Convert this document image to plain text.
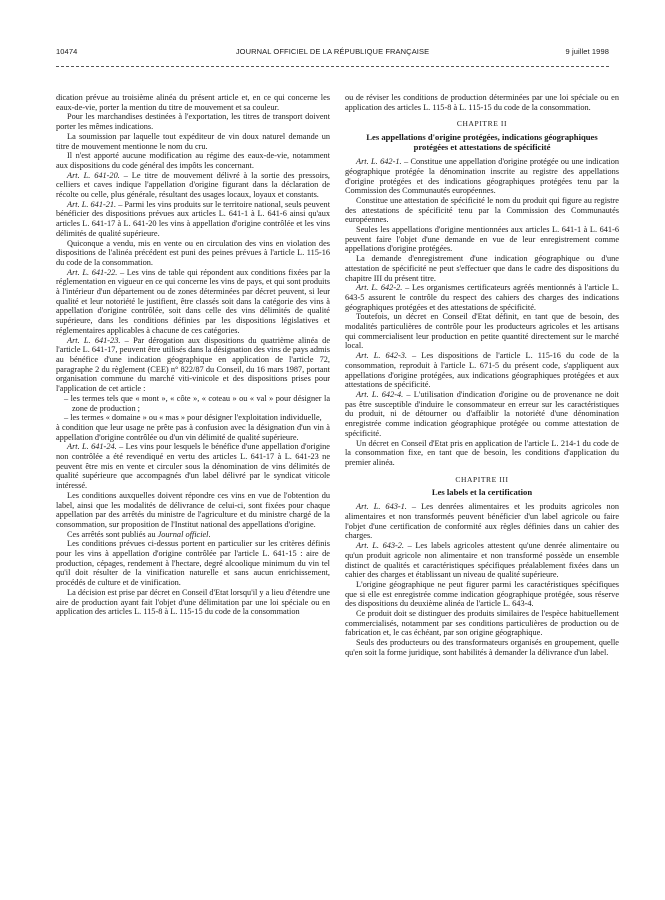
10474	JOURNAL OFFICIEL DE LA RÉPUBLIQUE FRANÇAISE	9 juillet 1998

dication prévue au troisième alinéa du présent article et, en ce qui concerne les eaux-de-vie, porter la mention du titre de mouvement et sa couleur.

Pour les marchandises destinées à l'exportation, les titres de transport doivent porter les mêmes indications.

La soumission par laquelle tout expéditeur de vin doux naturel demande un titre de mouvement mentionne le nom du cru.

Il n'est apporté aucune modification au régime des eaux-de-vie, notamment aux dispositions du code général des impôts les concernant.

Art. L. 641-20. – Le titre de mouvement délivré à la sortie des pressoirs, celliers et caves indique l'appellation d'origine figurant dans la déclaration de récolte ou celle, plus générale, résultant des usages locaux, loyaux et constants.

Art. L. 641-21. – Parmi les vins produits sur le territoire national, seuls peuvent bénéficier des dispositions prévues aux articles L. 641-1 à L. 641-6 ainsi qu'aux articles L. 641-17 à L. 641-20 les vins à appellation d'origine contrôlée et les vins délimités de qualité supérieure.

Quiconque a vendu, mis en vente ou en circulation des vins en violation des dispositions de l'alinéa précédent est puni des peines prévues à l'article L. 115-16 du code de la consommation.

Art. L. 641-22. – Les vins de table qui répondent aux conditions fixées par la réglementation en vigueur en ce qui concerne les vins de pays, et qui sont produits à l'intérieur d'un département ou de zones déterminées par décret peuvent, si leur qualité et leur notoriété le justifient, être classés soit dans la catégorie des vins à appellation d'origine contrôlée, soit dans celle des vins délimités de qualité supérieure, dans les conditions définies par les dispositions législatives et réglementaires applicables à chacune de ces catégories.

Art. L. 641-23. – Par dérogation aux dispositions du quatrième alinéa de l'article L. 641-17, peuvent être utilisés dans la désignation des vins de pays admis au bénéfice d'une indication géographique en application de l'article 72, paragraphe 2 du règlement (CEE) n° 822/87 du Conseil, du 16 mars 1987, portant organisation commune du marché viti-vinicole et des dispositions prises pour l'application de cet article :

– les termes tels que « mont », « côte », « coteau » ou « val » pour désigner la zone de production ;

– les termes « domaine » ou « mas » pour désigner l'exploitation individuelle,

à condition que leur usage ne prête pas à confusion avec la désignation d'un vin à appellation d'origine contrôlée ou d'un vin délimité de qualité supérieure.

Art. L. 641-24. – Les vins pour lesquels le bénéfice d'une appellation d'origine non contrôlée a été revendiqué en vertu des articles L. 641-17 à L. 641-23 ne peuvent être mis en vente et circuler sous la dénomination de vins délimités de qualité supérieure que accompagnés d'un label délivré par le syndicat viticole intéressé.

Les conditions auxquelles doivent répondre ces vins en vue de l'obtention du label, ainsi que les modalités de délivrance de celui-ci, sont fixées pour chaque appellation par des arrêtés du ministre de l'agriculture et du ministre chargé de la consommation, sur proposition de l'Institut national des appellations d'origine.

Ces arrêtés sont publiés au Journal officiel.

Les conditions prévues ci-dessus portent en particulier sur les critères définis pour les vins à appellation d'origine contrôlée par l'article L. 641-15 : aire de production, cépages, rendement à l'hectare, degré alcoolique minimum du vin tel qu'il doit résulter de la vinification naturelle et sans aucun enrichissement, procédés de culture et de vinification.

La décision est prise par décret en Conseil d'Etat lorsqu'il y a lieu d'étendre une aire de production ayant fait l'objet d'une délimitation par une loi spéciale ou en application des articles L. 115-8 à L. 115-15 du code de la consommation

ou de réviser les conditions de production déterminées par une loi spéciale ou en application des articles L. 115-8 à L. 115-15 du code de la consommation.

CHAPITRE II
Les appellations d'origine protégées, indications géographiques protégées et attestations de spécificité

Art. L. 642-1. – Constitue une appellation d'origine protégée ou une indication géographique protégée la dénomination inscrite au registre des appellations d'origine protégées et des indications géographiques protégées tenu par la Commission des Communautés européennes.

Constitue une attestation de spécificité le nom du produit qui figure au registre des attestations de spécificité tenu par la Commission des Communautés européennes.

Seules les appellations d'origine mentionnées aux articles L. 641-1 à L. 641-6 peuvent faire l'objet d'une demande en vue de leur enregistrement comme appellations d'origine protégées.

La demande d'enregistrement d'une indication géographique ou d'une attestation de spécificité ne peut s'effectuer que dans le cadre des dispositions du chapitre III du présent titre.

Art. L. 642-2. – Les organismes certificateurs agréés mentionnés à l'article L. 643-5 assurent le contrôle du respect des cahiers des charges des indications géographiques protégées et des attestations de spécificité.

Toutefois, un décret en Conseil d'Etat définit, en tant que de besoin, des modalités particulières de contrôle pour les producteurs agricoles et les artisans qui commercialisent leur production en petite quantité directement sur le marché local.

Art. L. 642-3. – Les dispositions de l'article L. 115-16 du code de la consommation, reproduit à l'article L. 671-5 du présent code, s'appliquent aux appellations d'origine protégées, aux indications géographiques protégées et aux attestations de spécificité.

Art. L. 642-4. – L'utilisation d'indication d'origine ou de provenance ne doit pas être susceptible d'induire le consommateur en erreur sur les caractéristiques du produit, ni de détourner ou d'affaiblir la notoriété d'une dénomination enregistrée comme indication géographique protégée ou comme attestation de spécificité.

Un décret en Conseil d'Etat pris en application de l'article L. 214-1 du code de la consommation fixe, en tant que de besoin, les conditions d'application du premier alinéa.

CHAPITRE III
Les labels et la certification

Art. L. 643-1. – Les denrées alimentaires et les produits agricoles non alimentaires et non transformés peuvent bénéficier d'un label agricole ou faire l'objet d'une certification de conformité aux règles définies dans un cahier des charges.

Art. L. 643-2. – Les labels agricoles attestent qu'une denrée alimentaire ou qu'un produit agricole non alimentaire et non transformé possède un ensemble distinct de qualités et caractéristiques spécifiques préalablement fixées dans un cahier des charges et établissant un niveau de qualité supérieure.

L'origine géographique ne peut figurer parmi les caractéristiques spécifiques que si elle est enregistrée comme indication géographique protégée, sous réserve des dispositions du deuxième alinéa de l'article L. 643-4.

Ce produit doit se distinguer des produits similaires de l'espèce habituellement commercialisés, notamment par ses conditions particulières de production ou de fabrication et, le cas échéant, par son origine géographique.

Seuls des producteurs ou des transformateurs organisés en groupement, quelle qu'en soit la forme juridique, sont habilités à demander la délivrance d'un label.
